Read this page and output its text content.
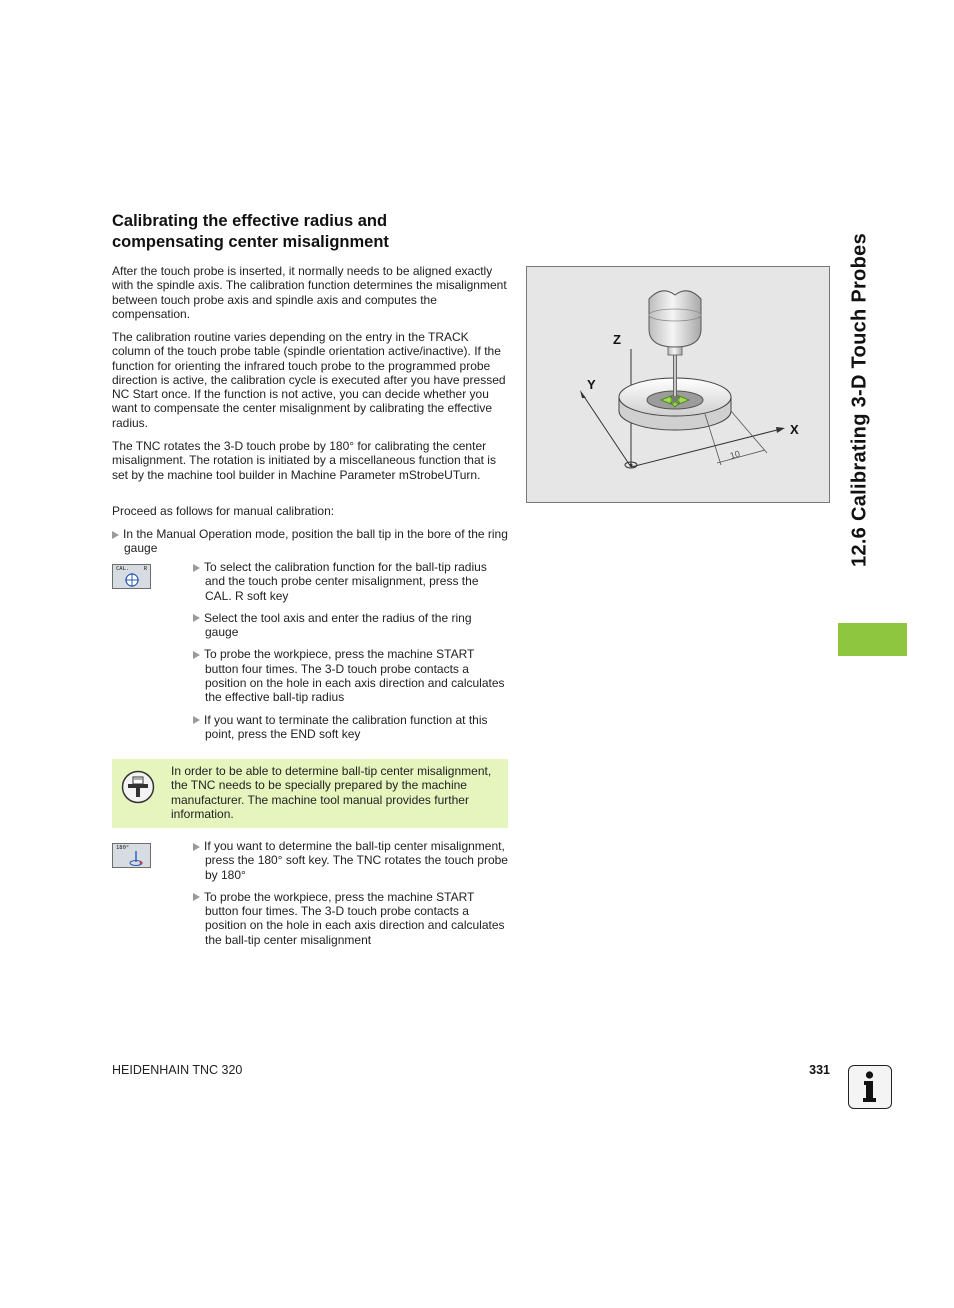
Calibrating the effective radius and compensating center misalignment

After the touch probe is inserted, it normally needs to be aligned exactly with the spindle axis. The calibration function determines the misalignment between touch probe axis and spindle axis and computes the compensation.

The calibration routine varies depending on the entry in the TRACK column of the touch probe table (spindle orientation active/inactive). If the function for orienting the infrared touch probe to the programmed probe direction is active, the calibration cycle is executed after you have pressed NC Start once. If the function is not active, you can decide whether you want to compensate the center misalignment by calibrating the effective radius.

The TNC rotates the 3-D touch probe by 180° for calibrating the center misalignment. The rotation is initiated by a miscellaneous function that is set by the machine tool builder in Machine Parameter mStrobeUTurn.

Proceed as follows for manual calibration:

In the Manual Operation mode, position the ball tip in the bore of the ring gauge

CAL.	R	To select the calibration function for the ball-tip radius and the touch probe center misalignment, press the CAL. R soft key

Select the tool axis and enter the radius of the ring gauge

To probe the workpiece, press the machine START button four times. The 3-D touch probe contacts a position on the hole in each axis direction and calculates the effective ball-tip radius

If you want to terminate the calibration function at this point, press the END soft key

In order to be able to determine ball-tip center misalignment, the TNC needs to be specially prepared by the machine manufacturer. The machine tool manual provides further information.
180°	If you want to determine the ball-tip center misalignment, press the 180° soft key. The TNC rotates the touch probe by 180°

To probe the workpiece, press the machine START button four times. The 3-D touch probe contacts a position on the hole in each axis direction and calculates the ball-tip center misalignment

10
Z
Y
X 12.6 Calibrating 3-D Touch Probes
HEIDENHAIN TNC 320	331
